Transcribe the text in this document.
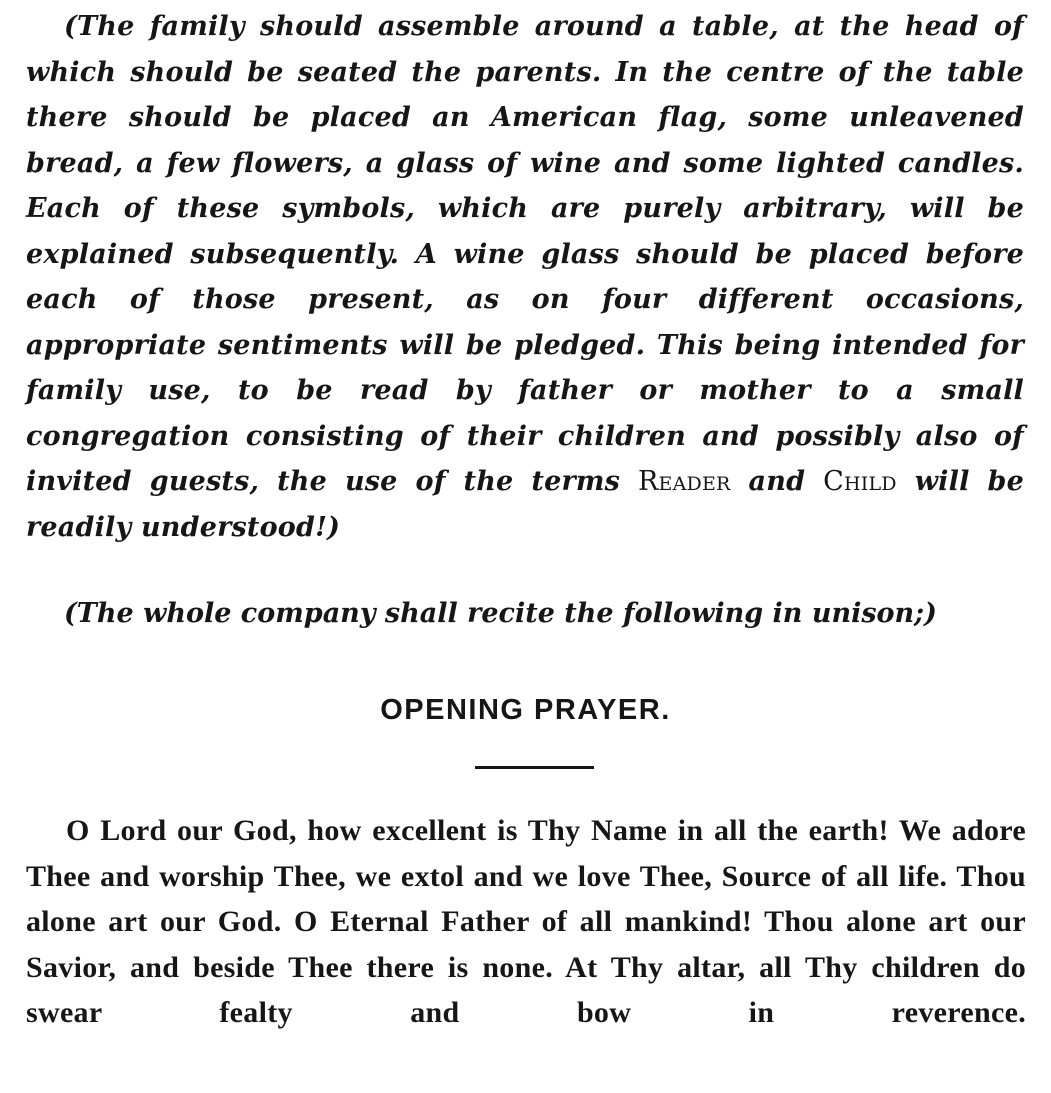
(The family should assemble around a table, at the head of which should be seated the parents. In the centre of the table there should be placed an American flag, some unleavened bread, a few flowers, a glass of wine and some lighted candles. Each of these symbols, which are purely arbitrary, will be explained subsequently. A wine glass should be placed before each of those present, as on four different occasions, appropriate sentiments will be pledged. This being intended for family use, to be read by father or mother to a small congregation consisting of their children and possibly also of invited guests, the use of the terms Reader and Child will be readily understood!)

(The whole company shall recite the following in unison;)

OPENING PRAYER.

O Lord our God, how excellent is Thy Name in all the earth! We adore Thee and worship Thee, we extol and we love Thee, Source of all life. Thou alone art our God. O Eternal Father of all mankind! Thou alone art our Savior, and beside Thee there is none. At Thy altar, all Thy children do swear fealty and bow in reverence.
